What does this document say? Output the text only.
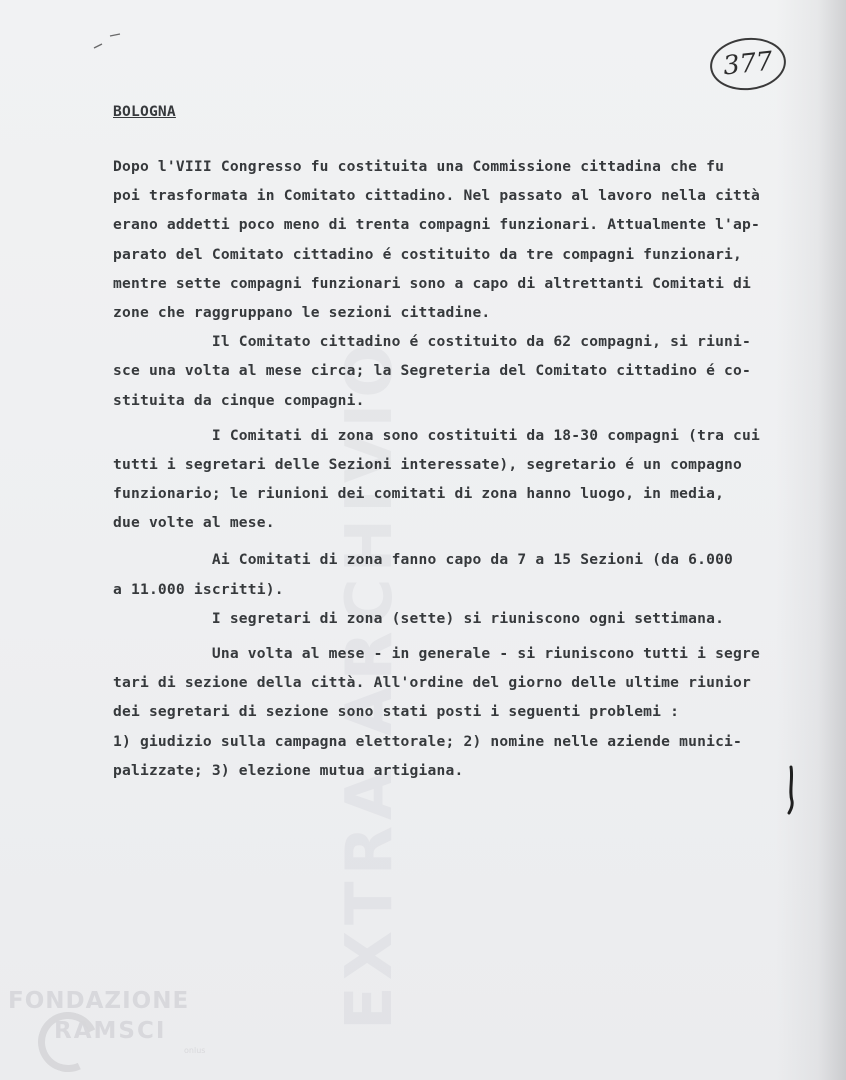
EXTRA ARCHIVIO
377
BOLOGNA
Dopo l'VIII Congresso fu costituita una Commissione cittadina che fu
poi trasformata in Comitato cittadino. Nel passato al lavoro nella città
erano addetti poco meno di trenta compagni funzionari. Attualmente l'ap-
parato del Comitato cittadino é costituito da tre compagni funzionari,
mentre sette compagni funzionari sono a capo di altrettanti Comitati di
zone che raggruppano le sezioni cittadine.
Il Comitato cittadino é costituito da 62 compagni, si riuni-
sce una volta al mese circa; la Segreteria del Comitato cittadino é co-
stituita da cinque compagni.
I Comitati di zona sono costituiti da 18-30 compagni (tra cui
tutti i segretari delle Sezioni interessate), segretario é un compagno
funzionario; le riunioni dei comitati di zona hanno luogo, in media,
due volte al mese.
Ai Comitati di zona fanno capo da 7 a 15 Sezioni (da 6.000
a 11.000 iscritti).
I segretari di zona (sette) si riuniscono ogni settimana.
Una volta al mese - in generale - si riuniscono tutti i segre
tari di sezione della città. All'ordine del giorno delle ultime riunior
dei segretari di sezione sono stati posti i seguenti problemi :
1) giudizio sulla campagna elettorale; 2) nomine nelle aziende munici-
palizzate; 3) elezione mutua artigiana.
FONDAZIONE
RAMSCI
onlus
